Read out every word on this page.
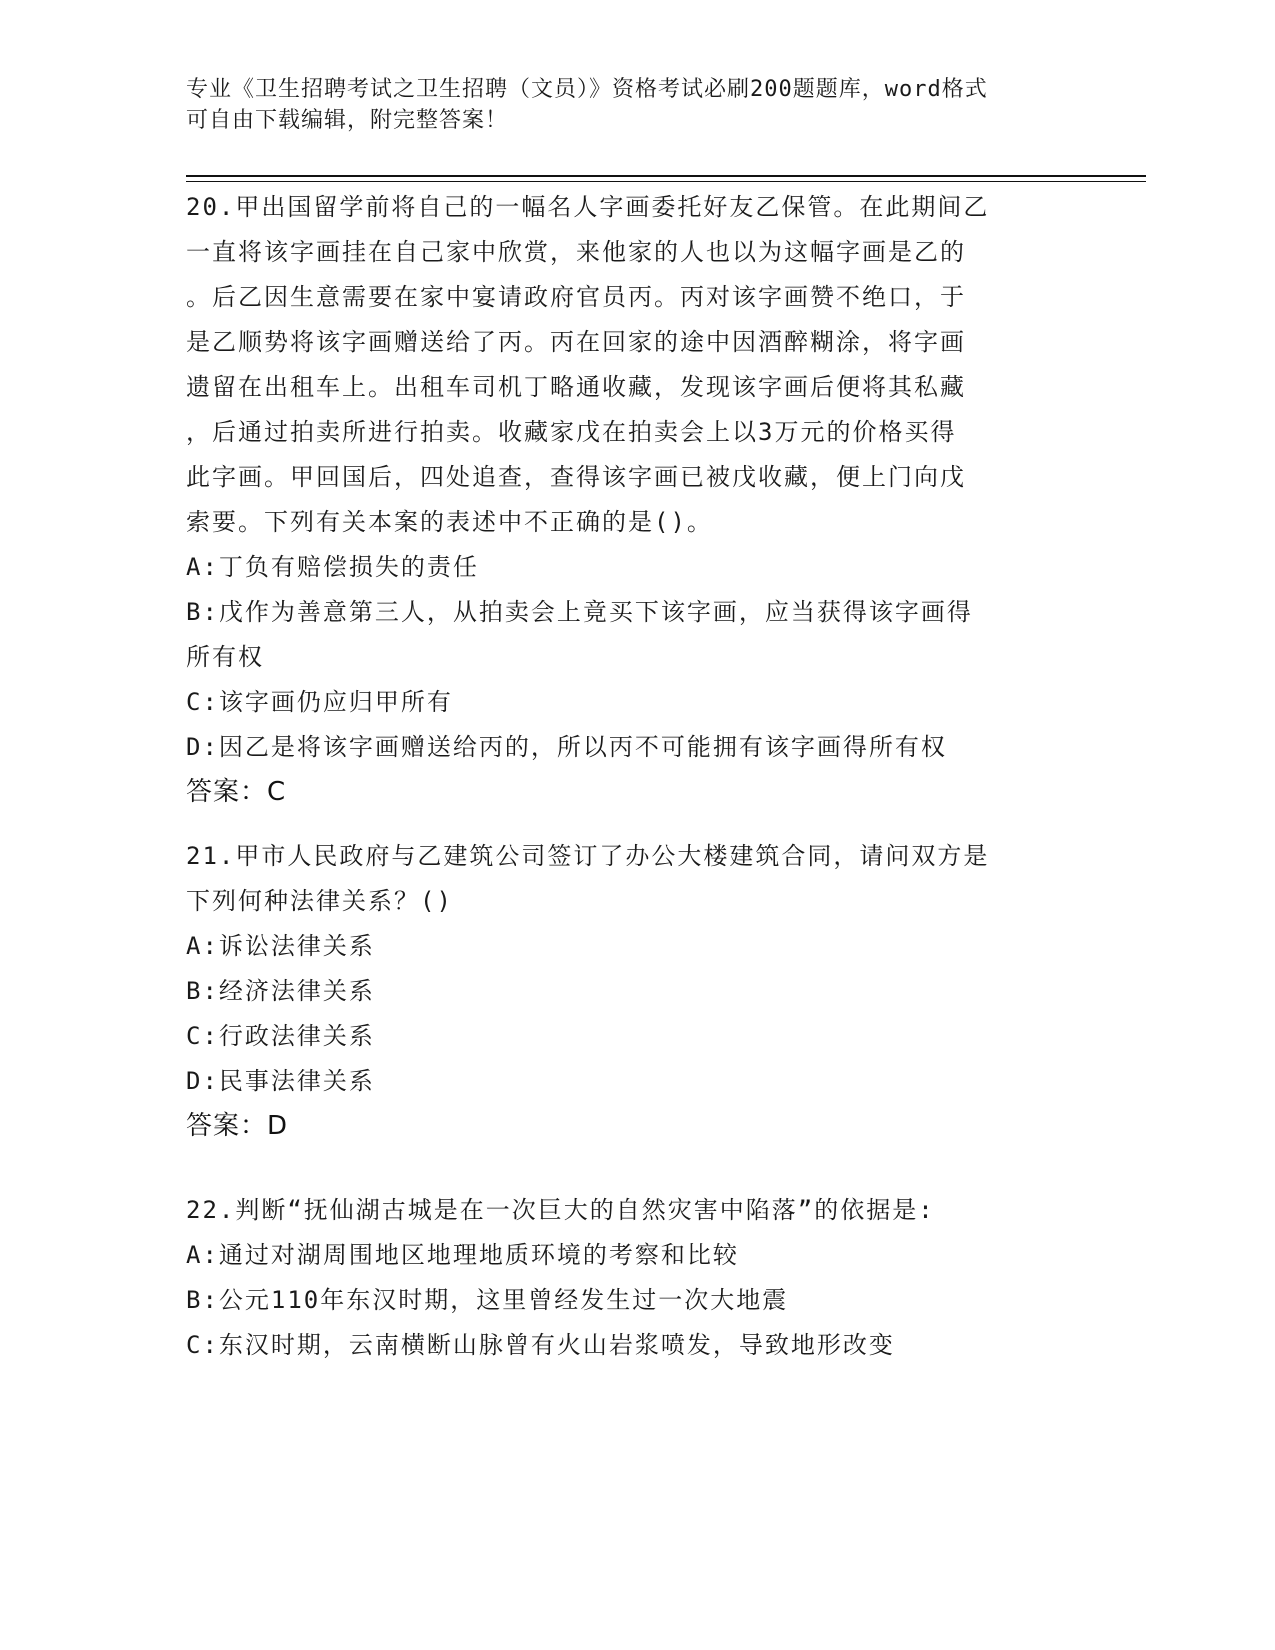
专业《卫生招聘考试之卫生招聘（文员）》资格考试必刷200题题库，word格式
可自由下载编辑，附完整答案！
20.甲出国留学前将自己的一幅名人字画委托好友乙保管。在此期间乙
一直将该字画挂在自己家中欣赏，来他家的人也以为这幅字画是乙的
。后乙因生意需要在家中宴请政府官员丙。丙对该字画赞不绝口，于
是乙顺势将该字画赠送给了丙。丙在回家的途中因酒醉糊涂，将字画
遗留在出租车上。出租车司机丁略通收藏，发现该字画后便将其私藏
，后通过拍卖所进行拍卖。收藏家戊在拍卖会上以3万元的价格买得
此字画。甲回国后，四处追查，查得该字画已被戊收藏，便上门向戊
索要。下列有关本案的表述中不正确的是()。
A:丁负有赔偿损失的责任
B:戊作为善意第三人，从拍卖会上竟买下该字画，应当获得该字画得
所有权
C:该字画仍应归甲所有
D:因乙是将该字画赠送给丙的，所以丙不可能拥有该字画得所有权
答案：C
21.甲市人民政府与乙建筑公司签订了办公大楼建筑合同，请问双方是
下列何种法律关系？()
A:诉讼法律关系
B:经济法律关系
C:行政法律关系
D:民事法律关系
答案：D
22.判断“抚仙湖古城是在一次巨大的自然灾害中陷落”的依据是:
A:通过对湖周围地区地理地质环境的考察和比较
B:公元110年东汉时期，这里曾经发生过一次大地震
C:东汉时期，云南横断山脉曾有火山岩浆喷发，导致地形改变
